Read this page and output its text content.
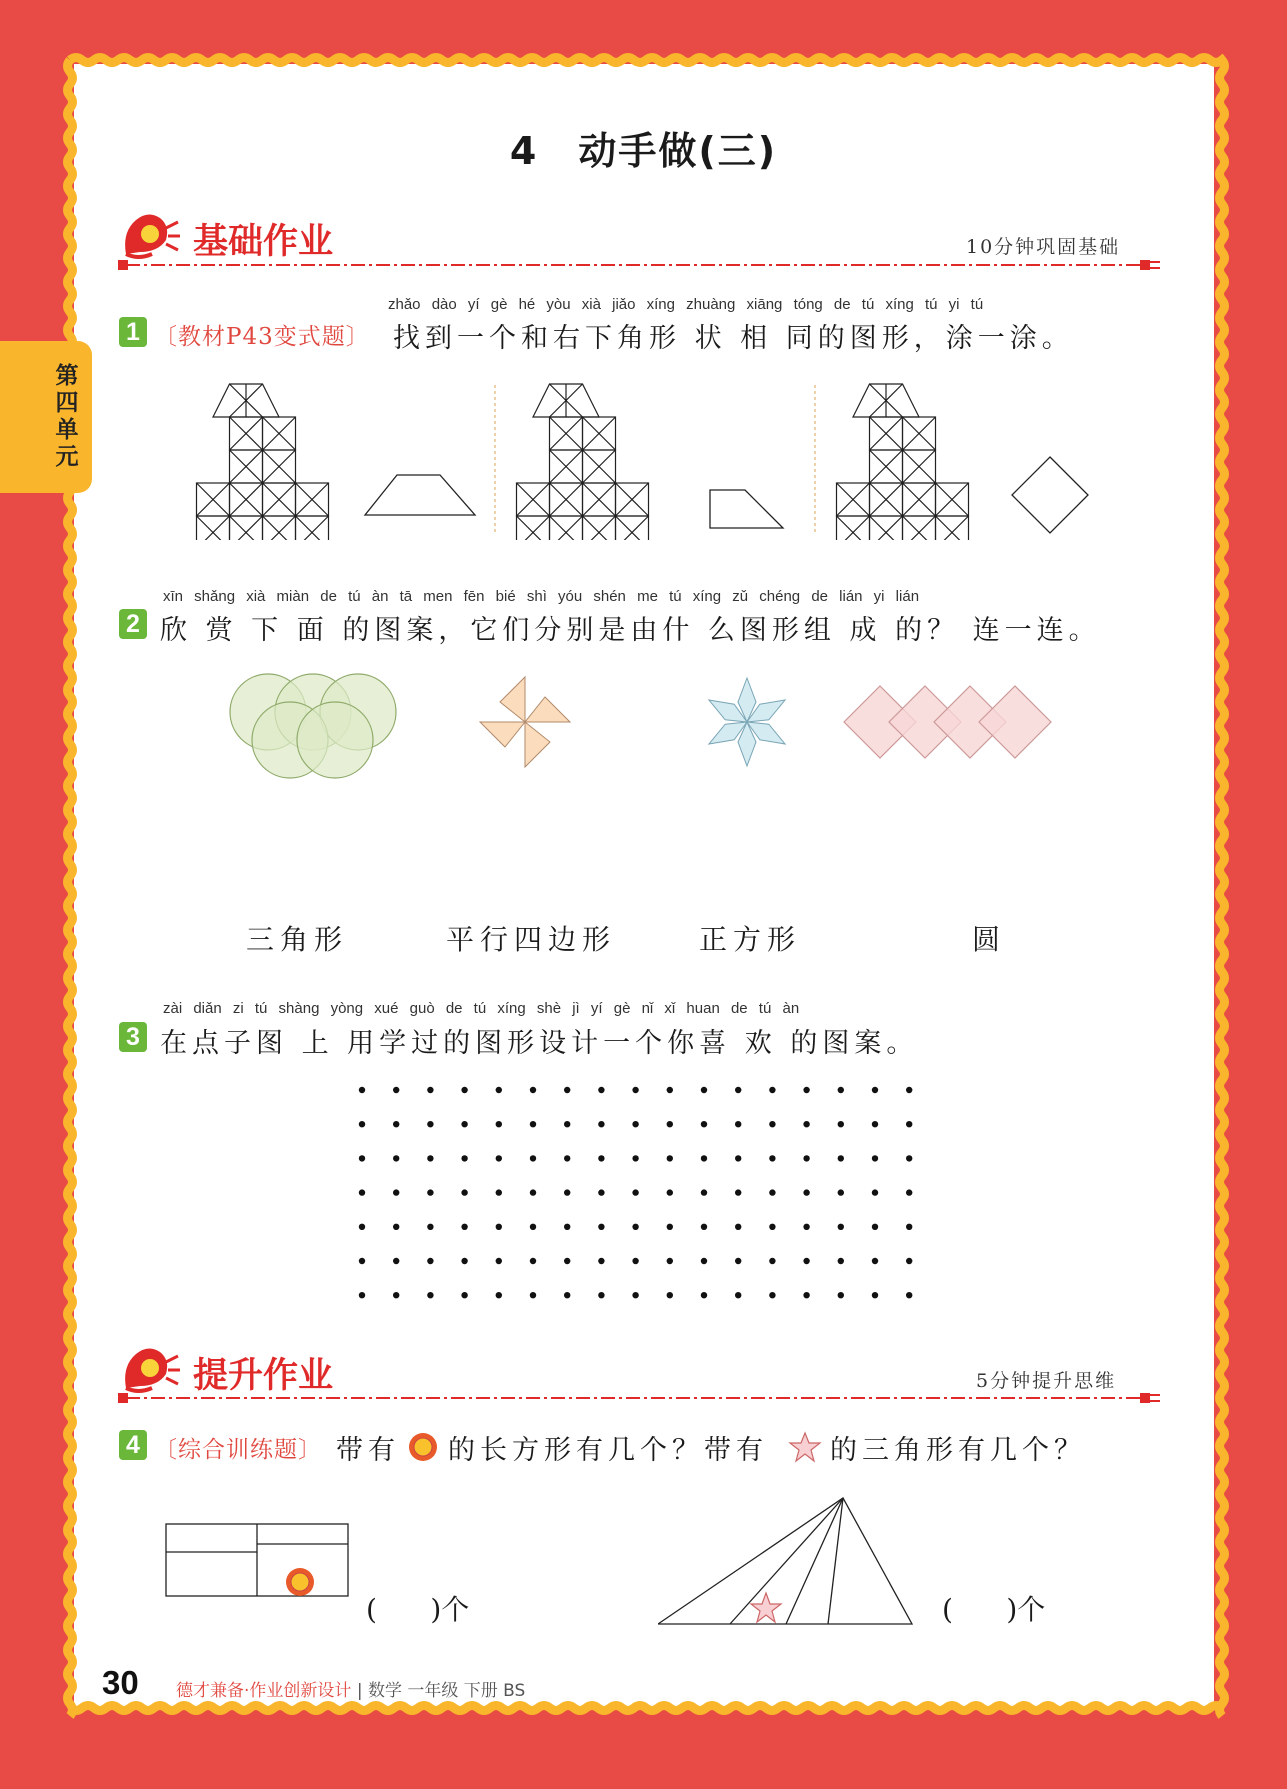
第四单元
4 动手做(三)
基础作业	10分钟巩固基础
zhǎo dào yí gè hé yòu xià jiǎo xíng zhuàng xiāng tóng de tú xíng tú yi tú
1 〔教材P43变式题〕 找到一个和右下角形 状 相 同的图形，涂一涂。
xīn shǎng xià miàn de tú àn tā men fēn bié shì yóu shén me tú xíng zǔ chéng de lián yi lián
2 欣 赏 下 面 的图案，它们分别是由什 么图形组 成 的？ 连一连。
三角形	平行四边形	正方形	圆
zài diǎn zi tú shàng yòng xué guò de tú xíng shè jì yí gè nǐ xǐ huan de tú àn
3 在点子图 上 用学过的图形设计一个你喜 欢 的图案。
提升作业	5分钟提升思维
4 〔综合训练题〕 带有 的长方形有几个？带有 的三角形有几个？
(      )个	(      )个
30 德才兼备·作业创新设计 | 数学 一年级 下册 BS
